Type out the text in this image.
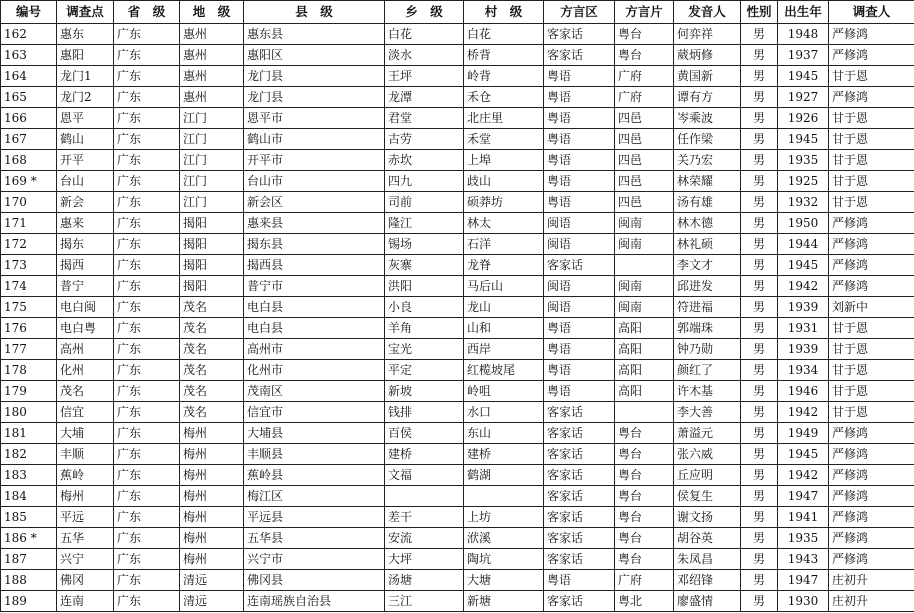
编号	调查点	省　级	地　级	县　级	乡　级	村　级	方言区	方言片	发音人	性别	出生年	调查人
162	惠东	广东	惠州	惠东县	白花	白花	客家话	粤台	何弈祥	男	1948	严修鸿
163	惠阳	广东	惠州	惠阳区	淡水	桥背	客家话	粤台	葳炳修	男	1937	严修鸿
164	龙门1	广东	惠州	龙门县	王坪	岭背	粤语	广府	黄国新	男	1945	甘于恩
165	龙门2	广东	惠州	龙门县	龙潭	禾仓	粤语	广府	谭有方	男	1927	严修鸿
166	恩平	广东	江门	恩平市	君堂	北庄里	粤语	四邑	岑乘波	男	1926	甘于恩
167	鹤山	广东	江门	鹤山市	古劳	禾堂	粤语	四邑	任作梁	男	1945	甘于恩
168	开平	广东	江门	开平市	赤坎	上埠	粤语	四邑	关乃宏	男	1935	甘于恩
169 *	台山	广东	江门	台山市	四九	歧山	粤语	四邑	林荣耀	男	1925	甘于恩
170	新会	广东	江门	新会区	司前	硕莽坊	粤语	四邑	汤有雄	男	1932	甘于恩
171	惠来	广东	揭阳	惠来县	隆江	林太	闽语	闽南	林木德	男	1950	严修鸿
172	揭东	广东	揭阳	揭东县	锡场	石洋	闽语	闽南	林礼硕	男	1944	严修鸿
173	揭西	广东	揭阳	揭西县	灰寨	龙脊	客家话		李文才	男	1945	严修鸿
174	普宁	广东	揭阳	普宁市	洪阳	马后山	闽语	闽南	邱进发	男	1942	严修鸿
175	电白闽	广东	茂名	电白县	小良	龙山	闽语	闽南	符进福	男	1939	刘新中
176	电白粤	广东	茂名	电白县	羊角	山和	粤语	高阳	郭端珠	男	1931	甘于恩
177	高州	广东	茂名	高州市	宝光	西岸	粤语	高阳	钟乃勋	男	1939	甘于恩
178	化州	广东	茂名	化州市	平定	红榄坡尾	粤语	高阳	颜红了	男	1934	甘于恩
179	茂名	广东	茂名	茂南区	新坡	岭咀	粤语	高阳	许木基	男	1946	甘于恩
180	信宜	广东	茂名	信宜市	钱排	水口	客家话		李大善	男	1942	甘于恩
181	大埔	广东	梅州	大埔县	百侯	东山	客家话	粤台	萧溢元	男	1949	严修鸿
182	丰顺	广东	梅州	丰顺县	建桥	建桥	客家话	粤台	张六威	男	1945	严修鸿
183	蕉岭	广东	梅州	蕉岭县	文福	鹤湖	客家话	粤台	丘应明	男	1942	严修鸿
184	梅州	广东	梅州	梅江区			客家话	粤台	侯复生	男	1947	严修鸿
185	平远	广东	梅州	平远县	差干	上坊	客家话	粤台	谢文扬	男	1941	严修鸿
186 *	五华	广东	梅州	五华县	安流	洑溪	客家话	粤台	胡谷英	男	1935	严修鸿
187	兴宁	广东	梅州	兴宁市	大坪	陶坑	客家话	粤台	朱凤昌	男	1943	严修鸿
188	佛冈	广东	清远	佛冈县	汤塘	大塘	粤语	广府	邓绍锋	男	1947	庄初升
189	连南	广东	清远	连南瑶族自治县	三江	新塘	客家话	粤北	廖盛情	男	1930	庄初升
